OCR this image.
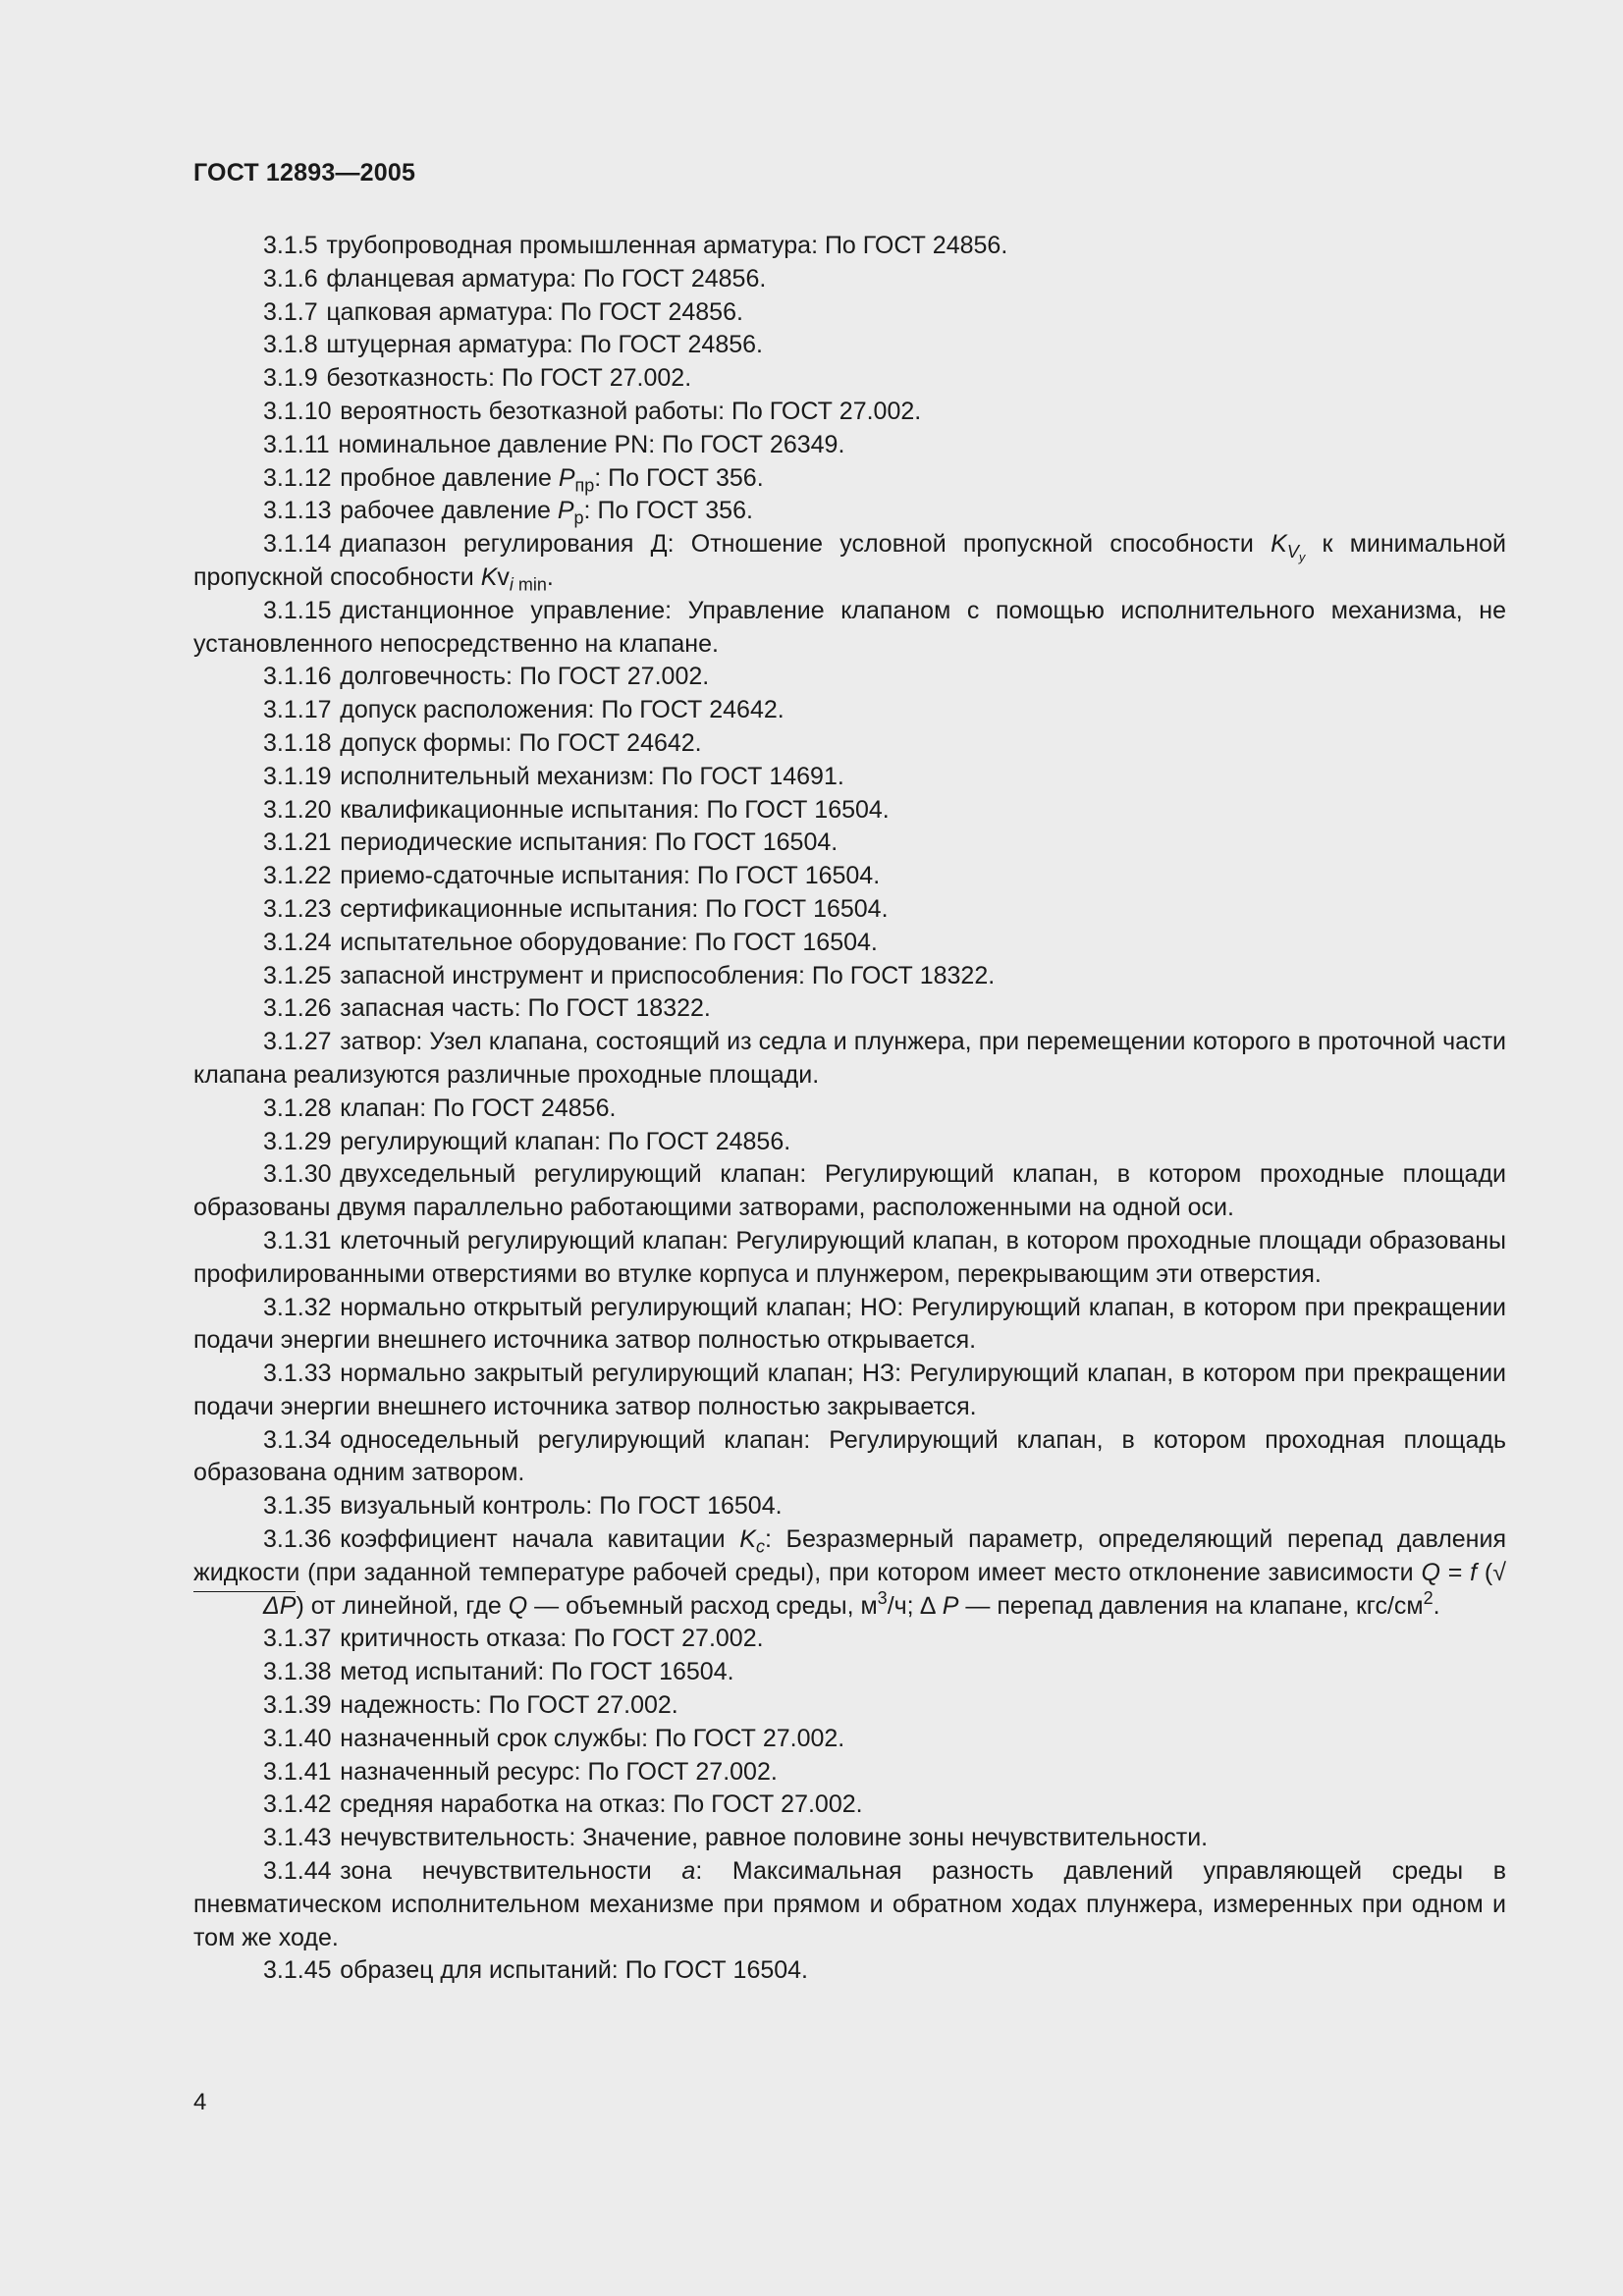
ГОСТ 12893—2005

3.1.5 трубопроводная промышленная арматура: По ГОСТ 24856.

3.1.6 фланцевая арматура: По ГОСТ 24856.

3.1.7 цапковая арматура: По ГОСТ 24856.

3.1.8 штуцерная арматура: По ГОСТ 24856.

3.1.9 безотказность: По ГОСТ 27.002.

3.1.10 вероятность безотказной работы: По ГОСТ 27.002.

3.1.11 номинальное давление PN: По ГОСТ 26349.

3.1.12 пробное давление $P_{пр}$: По ГОСТ 356.

3.1.13 рабочее давление $P_р$: По ГОСТ 356.

3.1.14 диапазон регулирования Д: Отношение условной пропускной способности $K_{V_y}$ к минимальной пропускной способности $Kv_{i min}$.

3.1.15 дистанционное управление: Управление клапаном с помощью исполнительного механизма, не установленного непосредственно на клапане.

3.1.16 долговечность: По ГОСТ 27.002.

3.1.17 допуск расположения: По ГОСТ 24642.

3.1.18 допуск формы: По ГОСТ 24642.

3.1.19 исполнительный механизм: По ГОСТ 14691.

3.1.20 квалификационные испытания: По ГОСТ 16504.

3.1.21 периодические испытания: По ГОСТ 16504.

3.1.22 приемо-сдаточные испытания: По ГОСТ 16504.

3.1.23 сертификационные испытания: По ГОСТ 16504.

3.1.24 испытательное оборудование: По ГОСТ 16504.

3.1.25 запасной инструмент и приспособления: По ГОСТ 18322.

3.1.26 запасная часть: По ГОСТ 18322.

3.1.27 затвор: Узел клапана, состоящий из седла и плунжера, при перемещении которого в проточной части клапана реализуются различные проходные площади.

3.1.28 клапан: По ГОСТ 24856.

3.1.29 регулирующий клапан: По ГОСТ 24856.

3.1.30 двухседельный регулирующий клапан: Регулирующий клапан, в котором проходные площади образованы двумя параллельно работающими затворами, расположенными на одной оси.

3.1.31 клеточный регулирующий клапан: Регулирующий клапан, в котором проходные площади образованы профилированными отверстиями во втулке корпуса и плунжером, перекрывающим эти отверстия.

3.1.32 нормально открытый регулирующий клапан; НО: Регулирующий клапан, в котором при прекращении подачи энергии внешнего источника затвор полностью открывается.

3.1.33 нормально закрытый регулирующий клапан; НЗ: Регулирующий клапан, в котором при прекращении подачи энергии внешнего источника затвор полностью закрывается.

3.1.34 односедельный регулирующий клапан: Регулирующий клапан, в котором проходная площадь образована одним затвором.

3.1.35 визуальный контроль: По ГОСТ 16504.

3.1.36 коэффициент начала кавитации $K_c$: Безразмерный параметр, определяющий перепад давления жидкости (при заданной температуре рабочей среды), при котором имеет место отклонение зависимости Q = f (√ΔP) от линейной, где Q — объемный расход среды, $м^3/ч$; ∆ P — перепад давления на клапане, кгс/$см^2$.

3.1.37 критичность отказа: По ГОСТ 27.002.

3.1.38 метод испытаний: По ГОСТ 16504.

3.1.39 надежность: По ГОСТ 27.002.

3.1.40 назначенный срок службы: По ГОСТ 27.002.

3.1.41 назначенный ресурс: По ГОСТ 27.002.

3.1.42 средняя наработка на отказ: По ГОСТ 27.002.

3.1.43 нечувствительность: Значение, равное половине зоны нечувствительности.

3.1.44 зона нечувствительности a: Максимальная разность давлений управляющей среды в пневматическом исполнительном механизме при прямом и обратном ходах плунжера, измеренных при одном и том же ходе.

3.1.45 образец для испытаний: По ГОСТ 16504.

4
